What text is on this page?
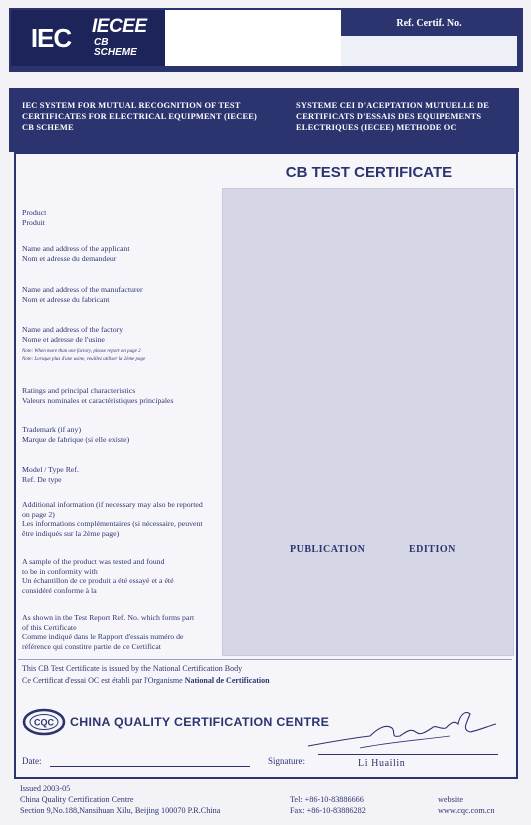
IEC	IECEE
CB
SCHEME
Ref. Certif. No.
IEC SYSTEM FOR MUTUAL RECOGNITION OF TEST
CERTIFICATES FOR ELECTRICAL EQUIPMENT (IECEE)
CB SCHEME
SYSTEME CEI D'ACEPTATION MUTUELLE DE
CERTIFICATS D'ESSAIS DES EQUIPEMENTS
ELECTRIQUES (IECEE) METHODE OC
CB TEST CERTIFICATE
Product
Produit
Name and address of the applicant
Nom et adresse du demandeur
Name and address of the manufacturer
Nom et adresse du fabricant
Name and address of the factory
Nome et adresse de l'usine
Note: When more than one factory, please report on page 2
Note: Lorsque plus d'une usine, veuillez utiliser la 2ème page
Ratings and principal characteristics
Valeurs nominales et caractéristiques principales
Trademark (if any)
Marque de fabrique (si elle existe)
Model / Type Ref.
Ref. De type
Additional information (if necessary may also be reported
on page 2)
Les informations complémentaires (si nécessaire, peuvent
être indiqués sur la 2ème page)
A sample of the product was tested and found
to be in conformity with
Un échantillon de ce produit a été essayé et a été
considéré conforme à la
As shown in the Test Report Ref. No. which forms part
of this Certificate
Comme indiqué dans le Rapport d'essais numéro de
référence qui constitre partie de ce Certificat
PUBLICATION	EDITION
This CB Test Certificate is issued by the National Certification Body
Ce Certificat d'essai OC est établi par l'Organisme National de Certification
CQC CHINA QUALITY CERTIFICATION CENTRE
Date:	Signature:	Li Huailin
Issued 2003-05
China Quality Certification Centre
Section 9,No.188,Nansihuan Xilu, Beijing 100070 P.R.China
Tel: +86-10-83886666
Fax: +86-10-83886282
website
www.cqc.com.cn
